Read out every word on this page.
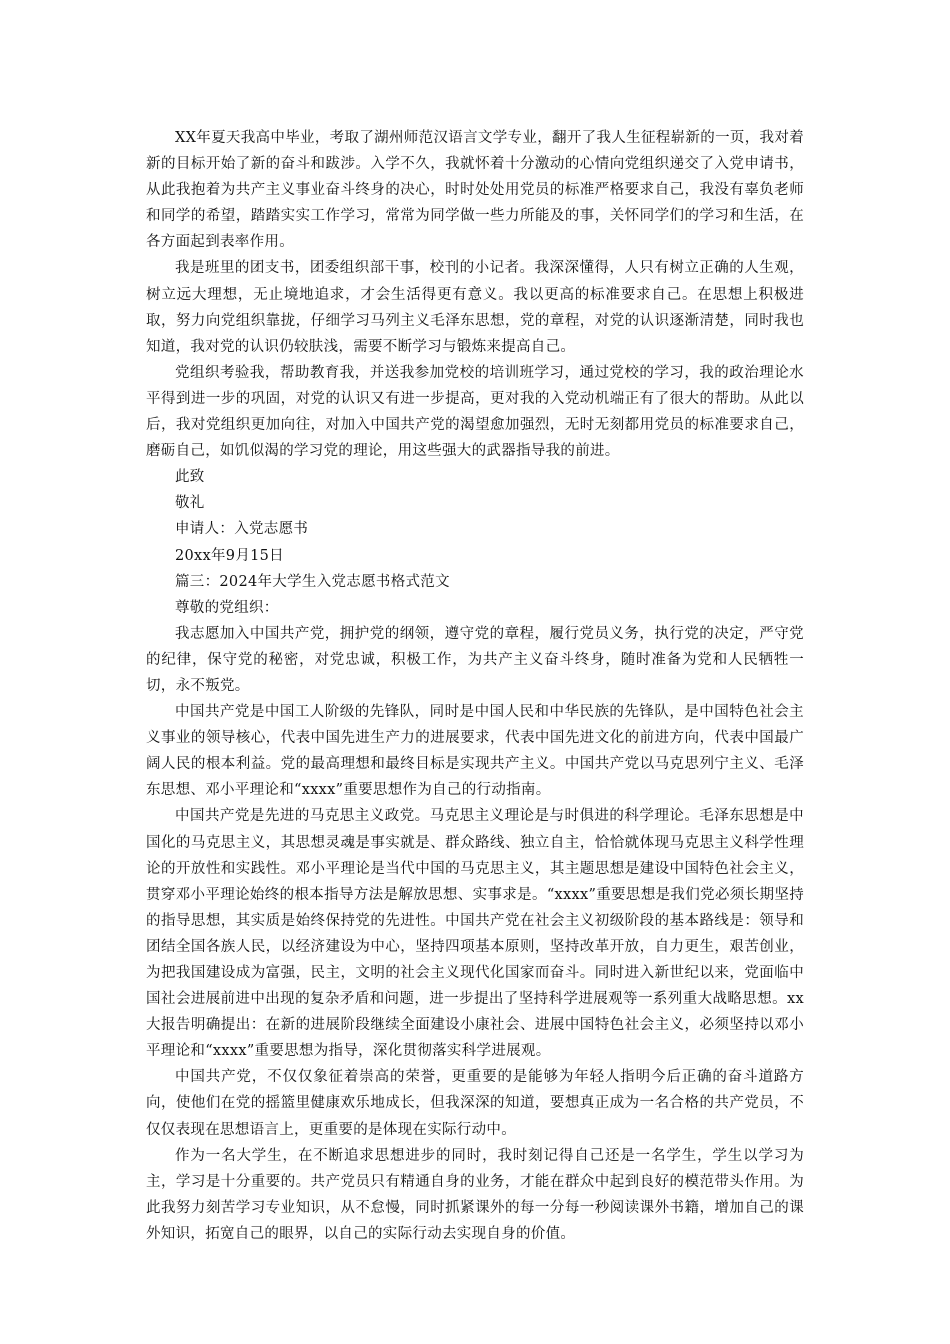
XX年夏天我高中毕业，考取了湖州师范汉语言文学专业，翻开了我人生征程崭新的一页，我对着新的目标开始了新的奋斗和跋涉。入学不久，我就怀着十分激动的心情向党组织递交了入党申请书，从此我抱着为共产主义事业奋斗终身的决心，时时处处用党员的标准严格要求自己，我没有辜负老师和同学的希望，踏踏实实工作学习，常常为同学做一些力所能及的事，关怀同学们的学习和生活，在各方面起到表率作用。

我是班里的团支书，团委组织部干事，校刊的小记者。我深深懂得，人只有树立正确的人生观，树立远大理想，无止境地追求，才会生活得更有意义。我以更高的标准要求自己。在思想上积极进取，努力向党组织靠拢，仔细学习马列主义毛泽东思想，党的章程，对党的认识逐渐清楚，同时我也知道，我对党的认识仍较肤浅，需要不断学习与锻炼来提高自己。

党组织考验我，帮助教育我，并送我参加党校的培训班学习，通过党校的学习，我的政治理论水平得到进一步的巩固，对党的认识又有进一步提高，更对我的入党动机端正有了很大的帮助。从此以后，我对党组织更加向往，对加入中国共产党的渴望愈加强烈，无时无刻都用党员的标准要求自己，磨砺自己，如饥似渴的学习党的理论，用这些强大的武器指导我的前进。

此致

敬礼

申请人：入党志愿书

20xx年9月15日

篇三：2024年大学生入党志愿书格式范文

尊敬的党组织：

我志愿加入中国共产党，拥护党的纲领，遵守党的章程，履行党员义务，执行党的决定，严守党的纪律，保守党的秘密，对党忠诚，积极工作，为共产主义奋斗终身，随时准备为党和人民牺牲一切，永不叛党。

中国共产党是中国工人阶级的先锋队，同时是中国人民和中华民族的先锋队，是中国特色社会主义事业的领导核心，代表中国先进生产力的进展要求，代表中国先进文化的前进方向，代表中国最广阔人民的根本利益。党的最高理想和最终目标是实现共产主义。中国共产党以马克思列宁主义、毛泽东思想、邓小平理论和“xxxx”重要思想作为自己的行动指南。

中国共产党是先进的马克思主义政党。马克思主义理论是与时俱进的科学理论。毛泽东思想是中国化的马克思主义，其思想灵魂是事实就是、群众路线、独立自主，恰恰就体现马克思主义科学性理论的开放性和实践性。邓小平理论是当代中国的马克思主义，其主题思想是建设中国特色社会主义，贯穿邓小平理论始终的根本指导方法是解放思想、实事求是。“xxxx”重要思想是我们党必须长期坚持的指导思想，其实质是始终保持党的先进性。中国共产党在社会主义初级阶段的基本路线是：领导和团结全国各族人民，以经济建设为中心，坚持四项基本原则，坚持改革开放，自力更生，艰苦创业，为把我国建设成为富强，民主，文明的社会主义现代化国家而奋斗。同时进入新世纪以来，党面临中国社会进展前进中出现的复杂矛盾和问题，进一步提出了坚持科学进展观等一系列重大战略思想。xx大报告明确提出：在新的进展阶段继续全面建设小康社会、进展中国特色社会主义，必须坚持以邓小平理论和“xxxx”重要思想为指导，深化贯彻落实科学进展观。

中国共产党，不仅仅象征着崇高的荣誉，更重要的是能够为年轻人指明今后正确的奋斗道路方向，使他们在党的摇篮里健康欢乐地成长，但我深深的知道，要想真正成为一名合格的共产党员，不仅仅表现在思想语言上，更重要的是体现在实际行动中。

作为一名大学生，在不断追求思想进步的同时，我时刻记得自己还是一名学生，学生以学习为主，学习是十分重要的。共产党员只有精通自身的业务，才能在群众中起到良好的模范带头作用。为此我努力刻苦学习专业知识，从不怠慢，同时抓紧课外的每一分每一秒阅读课外书籍，增加自己的课外知识，拓宽自己的眼界，以自己的实际行动去实现自身的价值。
